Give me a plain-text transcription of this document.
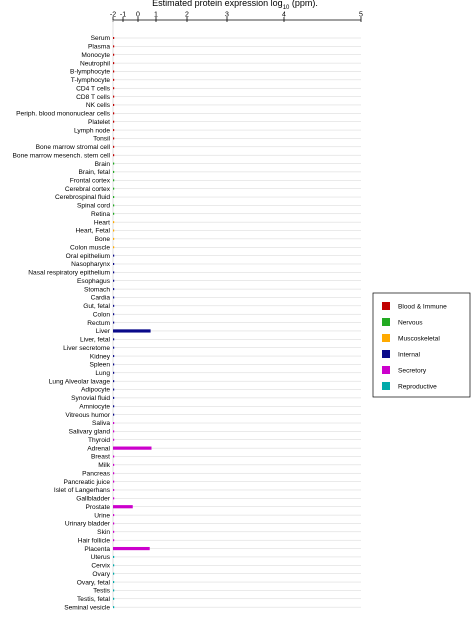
Estimated protein expression $\log_{10} (ppm)$.
-2 -1 0 1	2	3	4	5
Serum
Plasma
Monocyte
Neutrophil
B-lymphocyte
T-lymphocyte
CD4 T cells
CD8 T cells
NK cells
Periph. blood mononuclear cells
Platelet
Lymph node
Tonsil
Bone marrow stromal cell
Bone marrow mesench. stem cell
Brain
Brain, fetal
Frontal cortex
Cerebral cortex
Cerebrospinal fluid
Spinal cord
Retina
Heart
Heart, Fetal
Bone
Colon muscle
Oral epithelium
Nasopharynx
Nasal respiratory epithelium
Esophagus
Stomach
Cardia
Gut, fetal
Colon
Rectum
Liver
Liver, fetal
Liver secretome
Kidney
Spleen
Lung
Lung Alveolar lavage
Adipocyte
Synovial fluid
Amniocyte
Vitreous humor
Saliva
Salivary gland
Thyroid
Adrenal
Breast
Milk
Pancreas
Pancreatic juice
Islet of Langerhans
Gallbladder
Prostate
Urine
Urinary bladder
Skin
Hair follicle
Placenta
Uterus
Cervix
Ovary
Ovary, fetal
Testis
Testis, fetal
Seminal vesicle
Blood & Immune
Nervous
Muscoskeletal
Internal
Secretory
Reproductive
